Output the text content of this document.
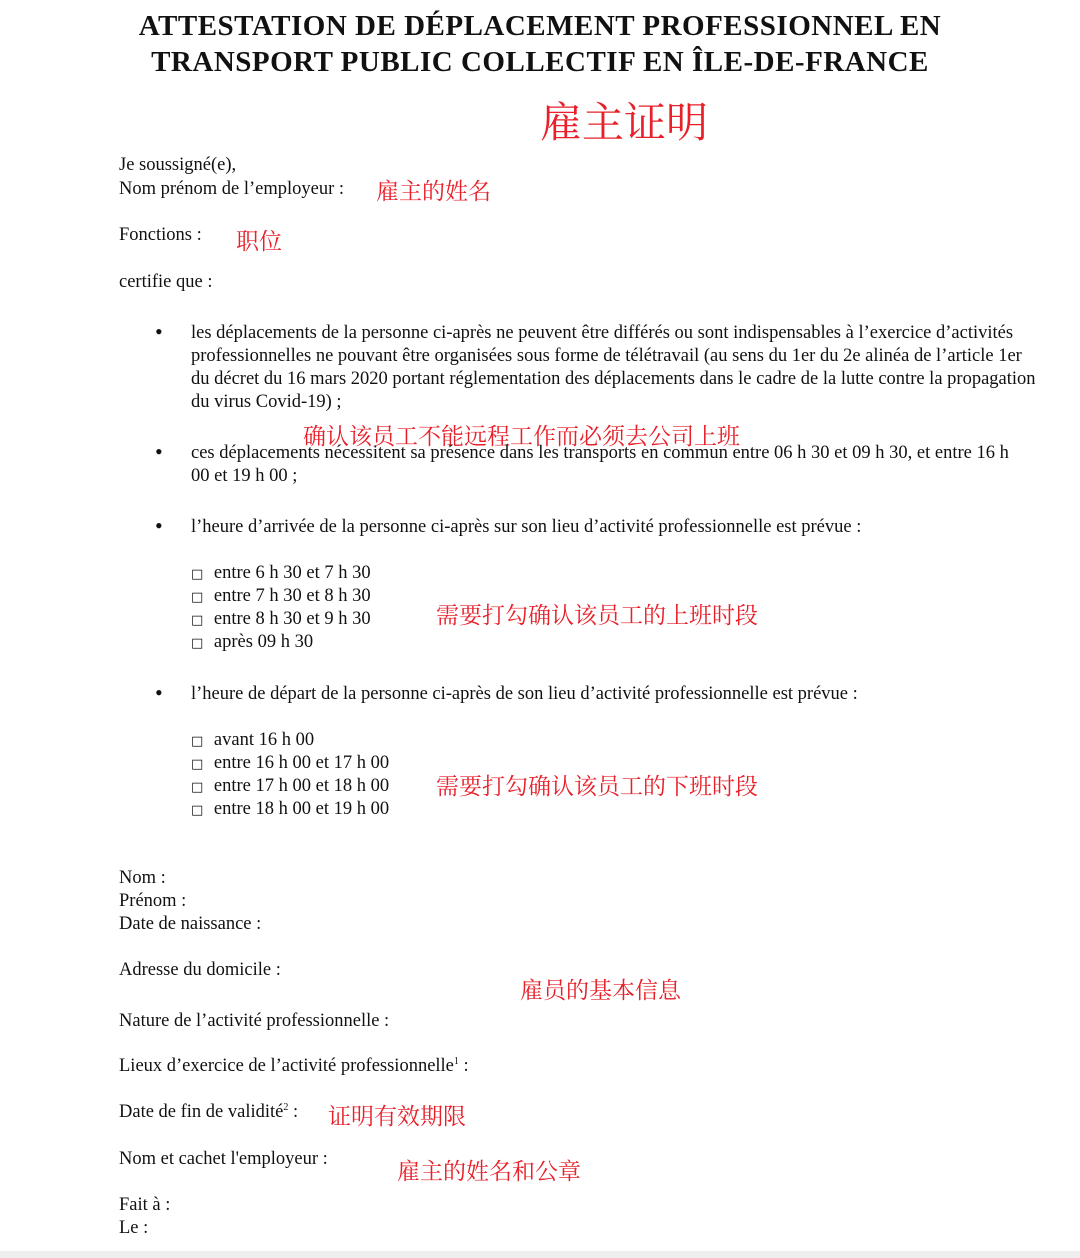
ATTESTATION DE DÉPLACEMENT PROFESSIONNEL EN
TRANSPORT PUBLIC COLLECTIF EN ÎLE-DE-FRANCE
雇主证明
Je soussigné(e),
Nom prénom de l’employeur : 雇主的姓名
Fonctions : 职位
certifie que :
• les déplacements de la personne ci-après ne peuvent être différés ou sont indispensables à l’exercice d’activités professionnelles ne pouvant être organisées sous forme de télétravail (au sens du 1er du 2e alinéa de l’article 1er du décret du 16 mars 2020 portant réglementation des déplacements dans le cadre de la lutte contre la propagation du virus Covid-19) ;
确认该员工不能远程工作而必须去公司上班
• ces déplacements nécessitent sa présence dans les transports en commun entre 06 h 30 et 09 h 30, et entre 16 h 00 et 19 h 00 ;
• l’heure d’arrivée de la personne ci-après sur son lieu d’activité professionnelle est prévue :
□ entre 6 h 30 et 7 h 30
□ entre 7 h 30 et 8 h 30
□ entre 8 h 30 et 9 h 30
□ après 09 h 30
需要打勾确认该员工的上班时段
• l’heure de départ de la personne ci-après de son lieu d’activité professionnelle est prévue :
□ avant 16 h 00
□ entre 16 h 00 et 17 h 00
□ entre 17 h 00 et 18 h 00
□ entre 18 h 00 et 19 h 00
需要打勾确认该员工的下班时段
Nom :
Prénom :
Date de naissance :
Adresse du domicile :
雇员的基本信息
Nature de l’activité professionnelle :
Lieux d’exercice de l’activité professionnelle$^1$ :
Date de fin de validité$^2$ : 证明有效期限
Nom et cachet l'employeur :	雇主的姓名和公章
Fait à :
Le :
